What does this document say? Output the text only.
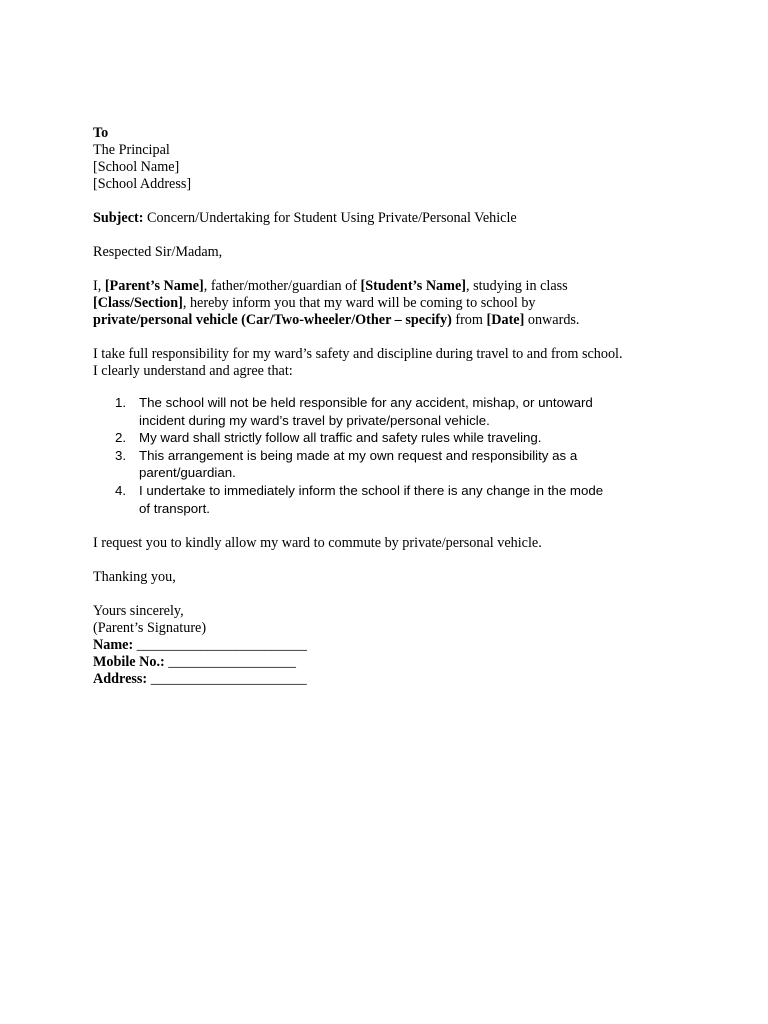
To
The Principal
[School Name]
[School Address]
Subject: Concern/Undertaking for Student Using Private/Personal Vehicle
Respected Sir/Madam,
I, [Parent’s Name], father/mother/guardian of [Student’s Name], studying in class
[Class/Section], hereby inform you that my ward will be coming to school by
private/personal vehicle (Car/Two-wheeler/Other – specify) from [Date] onwards.
I take full responsibility for my ward’s safety and discipline during travel to and from school.
I clearly understand and agree that:
1. The school will not be held responsible for any accident, mishap, or untoward
incident during my ward’s travel by private/personal vehicle.
2. My ward shall strictly follow all traffic and safety rules while traveling.
3. This arrangement is being made at my own request and responsibility as a
parent/guardian.
4. I undertake to immediately inform the school if there is any change in the mode
of transport.
I request you to kindly allow my ward to commute by private/personal vehicle.
Thanking you,
Yours sincerely,
(Parent’s Signature)
Name: ________________________
Mobile No.: __________________
Address: ______________________
